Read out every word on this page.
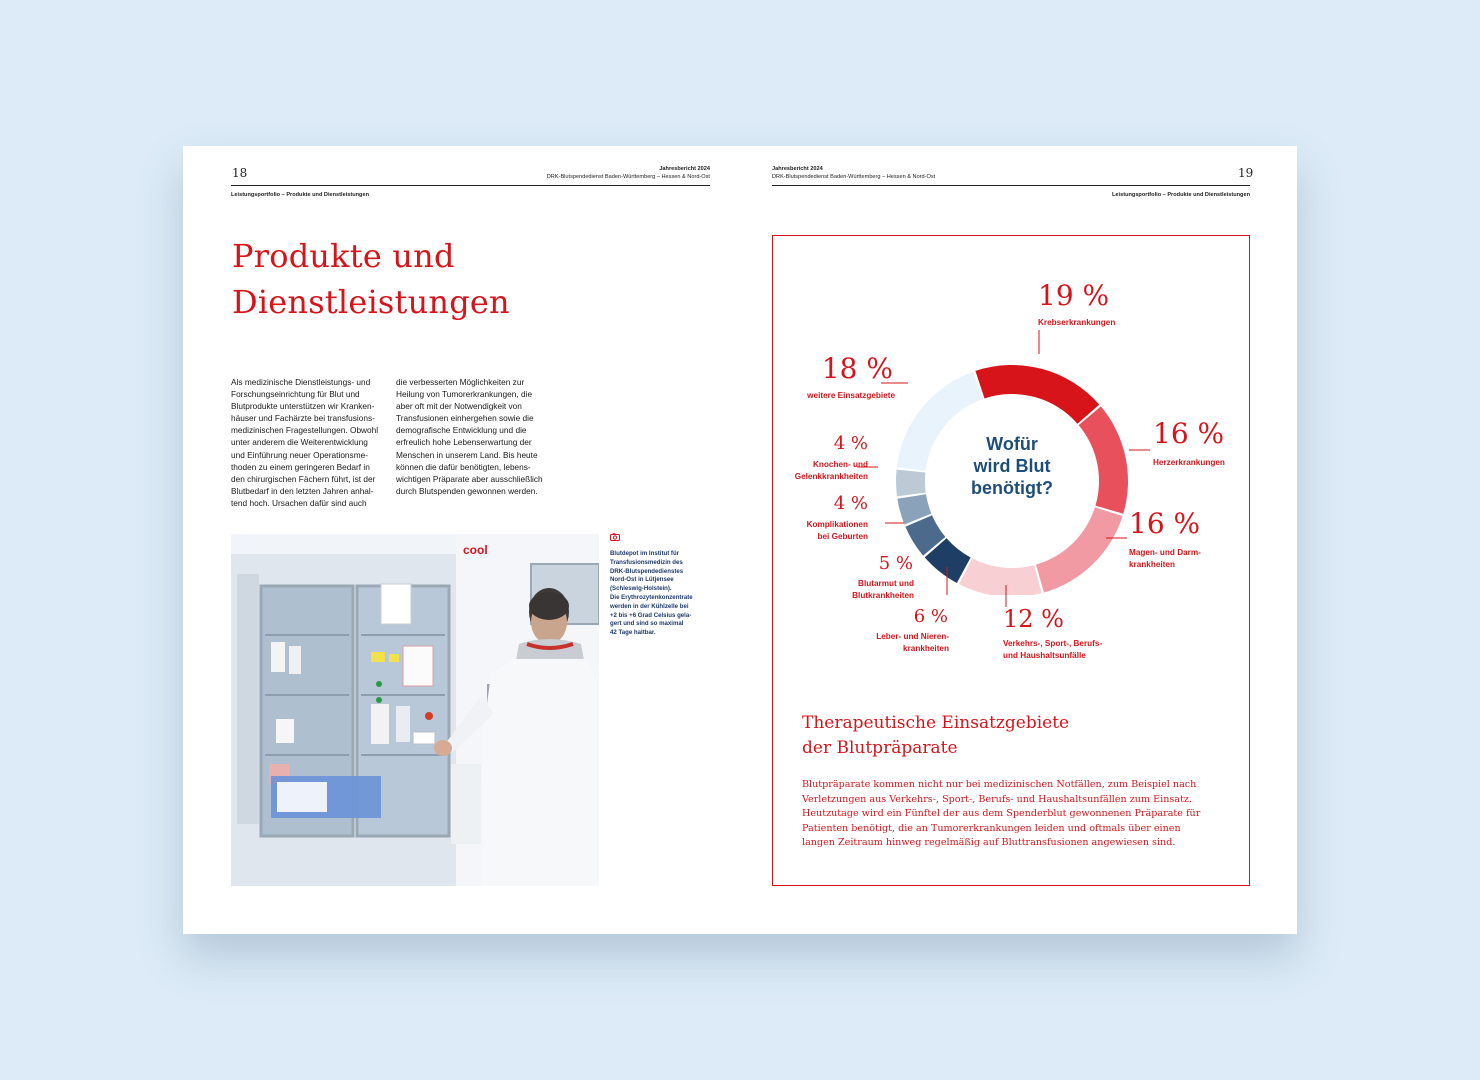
18	Jahresbericht 2024
DRK-Blutspendedienst Baden-Württemberg – Hessen & Nord-Ost
Leistungsportfolio – Produkte und Dienstleistungen
Produkte und
Dienstleistungen
Als medizinische Dienstleistungs- und
Forschungseinrichtung für Blut und
Blutprodukte unterstützen wir Kranken-
häuser und Fachärzte bei transfusions-
medizinischen Fragestellungen. Obwohl
unter anderem die Weiterentwicklung
und Einführung neuer Operationsme-
thoden zu einem geringeren Bedarf in
den chirurgischen Fächern führt, ist der
Blutbedarf in den letzten Jahren anhal-
tend hoch. Ursachen dafür sind auch
die verbesserten Möglichkeiten zur
Heilung von Tumorerkrankungen, die
aber oft mit der Notwendigkeit von
Transfusionen einhergehen sowie die
demografische Entwicklung und die
erfreulich hohe Lebenserwartung der
Menschen in unserem Land. Bis heute
können die dafür benötigten, lebens-
wichtigen Präparate aber ausschließlich
durch Blutspenden gewonnen werden.
cool	Blutdepot im Institut für
Transfusionsmedizin des
DRK-Blutspendedienstes
Nord-Ost in Lütjensee
(Schleswig-Holstein).
Die Erythrozytenkonzentrate
werden in der Kühlzelle bei
+2 bis +6 Grad Celsius gela-
gert und sind so maximal
42 Tage haltbar.
Jahresbericht 2024
DRK-Blutspendedienst Baden-Württemberg – Hessen & Nord-Ost	19
Leistungsportfolio – Produkte und Dienstleistungen
Wofür
wird Blut
benötigt?
19 %
Krebserkrankungen
16 %
Herzerkrankungen
16 %
Magen- und Darm-
krankheiten
12 %
Verkehrs-, Sport-, Berufs-
und Haushaltsunfälle
6 %
Leber- und Nieren-
krankheiten
5 %
Blutarmut und
Blutkrankheiten
4 %
Komplikationen
bei Geburten
4 %
Knochen- und
Gelenkkrankheiten
18 %
weitere Einsatzgebiete
Therapeutische Einsatzgebiete
der Blutpräparate
Blutpräparate kommen nicht nur bei medizinischen Notfällen, zum Beispiel nach
Verletzungen aus Verkehrs-, Sport-, Berufs- und Haushaltsunfällen zum Einsatz.
Heutzutage wird ein Fünftel der aus dem Spenderblut gewonnenen Präparate für
Patienten benötigt, die an Tumorerkrankungen leiden und oftmals über einen
langen Zeitraum hinweg regelmäßig auf Bluttransfusionen angewiesen sind.
